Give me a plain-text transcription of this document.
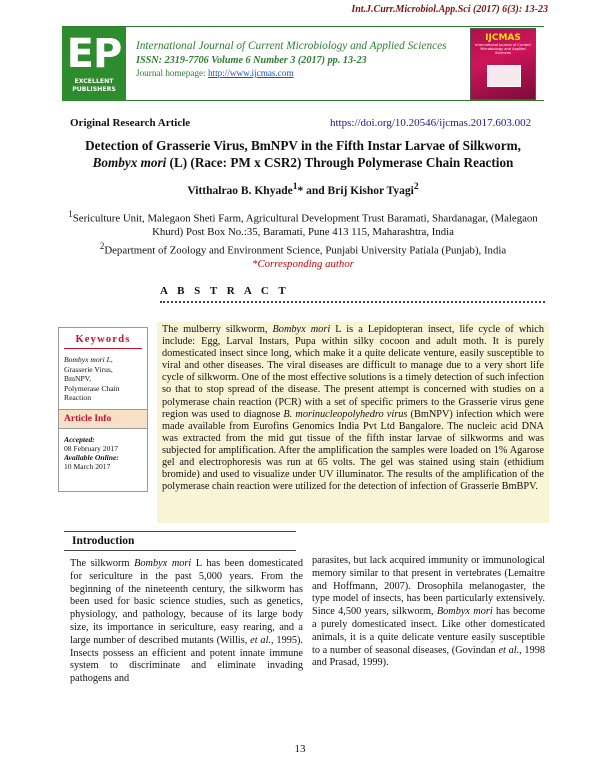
Int.J.Curr.Microbiol.App.Sci (2017) 6(3): 13-23
EP
EXCELLENT PUBLISHERS
International Journal of Current Microbiology and Applied Sciences
ISSN: 2319-7706 Volume 6 Number 3 (2017) pp. 13-23
Journal homepage: http://www.ijcmas.com
IJCMAS
International Journal of Current Microbiology and Applied Sciences
Original Research Article	https://doi.org/10.20546/ijcmas.2017.603.002
Detection of Grasserie Virus, BmNPV in the Fifth Instar Larvae of Silkworm,
Bombyx mori (L) (Race: PM x CSR2) Through Polymerase Chain Reaction
Vitthalrao B. Khyade$^1$* and Brij Kishor Tyagi$^2$
$^1$Sericulture Unit, Malegaon Sheti Farm, Agricultural Development Trust Baramati, Shardanagar, (Malegaon Khurd) Post Box No.:35, Baramati, Pune 413 115, Maharashtra, India
$^2$Department of Zoology and Environment Science, Punjabi University Patiala (Punjab), India
*Corresponding author
A B S T R A C T
Keywords
Bombyx mori L,
Grasserie Virus,
BmNPV,
Polymerase Chain
Reaction
Article Info
Accepted:
08 February 2017
Available Online:
10 March 2017
The mulberry silkworm, Bombyx mori L is a Lepidopteran insect, life cycle of which include: Egg, Larval Instars, Pupa within silky cocoon and adult moth. It is purely domesticated insect since long, which make it a quite delicate venture, easily susceptible to viral and other diseases. The viral diseases are difficult to manage due to a very short life cycle of silkworm. One of the most effective solutions is a timely detection of such infection so that to stop spread of the disease. The present attempt is concerned with studies on a polymerase chain reaction (PCR) with a set of specific primers to the Grasserie virus gene region was used to diagnose B. morinucleopolyhedro virus (BmNPV) infection which were made available from Eurofins Genomics India Pvt Ltd Bangalore. The nucleic acid DNA was extracted from the mid gut tissue of the fifth instar larvae of silkworms and was subjected for amplification. After the amplification the samples were loaded on 1% Agarose gel and electrophoresis was run at 65 volts. The gel was stained using stain (ethidium bromide) and used to visualize under UV illuminator. The results of the amplification of the polymerase chain reaction were utilized for the detection of infection of Grasserie BmBPV.
Introduction
The silkworm Bombyx mori L has been domesticated for sericulture in the past 5,000 years. From the beginning of the nineteenth century, the silkworm has been used for basic science studies, such as genetics, physiology, and pathology, because of its large body size, its importance in sericulture, easy rearing, and a large number of described mutants (Willis, et al., 1995). Insects possess an efficient and potent innate immune system to discriminate and eliminate invading pathogens and
parasites, but lack acquired immunity or immunological memory similar to that present in vertebrates (Lemaitre and Hoffmann, 2007). Drosophila melanogaster, the type model of insects, has been particularly extensively. Since 4,500 years, silkworm, Bombyx mori has become a purely domesticated insect. Like other domesticated animals, it is a quite delicate venture easily susceptible to a number of seasonal diseases, (Govindan et al., 1998 and Prasad, 1999).
13
